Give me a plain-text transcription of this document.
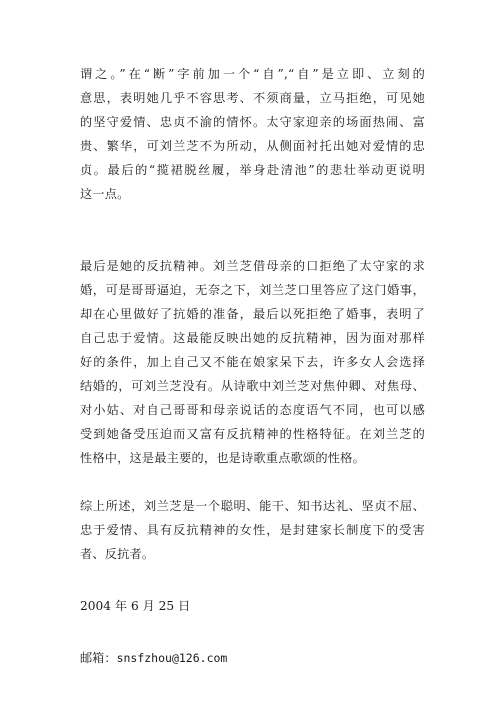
谓之。”在“断”字前加一个“自”,“自”是立即、立刻的
意思，表明她几乎不容思考、不须商量，立马拒绝，可见她
的坚守爱情、忠贞不渝的情怀。太守家迎亲的场面热闹、富
贵、繁华，可刘兰芝不为所动，从侧面衬托出她对爱情的忠
贞。最后的“揽裙脱丝履，举身赴清池”的悲壮举动更说明
这一点。

最后是她的反抗精神。刘兰芝借母亲的口拒绝了太守家的求
婚，可是哥哥逼迫，无奈之下，刘兰芝口里答应了这门婚事，
却在心里做好了抗婚的准备，最后以死拒绝了婚事，表明了
自己忠于爱情。这最能反映出她的反抗精神，因为面对那样
好的条件，加上自己又不能在娘家呆下去，许多女人会选择
结婚的，可刘兰芝没有。从诗歌中刘兰芝对焦仲卿、对焦母、
对小姑、对自己哥哥和母亲说话的态度语气不同，也可以感
受到她备受压迫而又富有反抗精神的性格特征。在刘兰芝的
性格中，这是最主要的，也是诗歌重点歌颂的性格。

综上所述，刘兰芝是一个聪明、能干、知书达礼、坚贞不屈、
忠于爱情、具有反抗精神的女性，是封建家长制度下的受害
者、反抗者。

2004 年 6 月 25 日

邮箱：snsfzhou@126.com
